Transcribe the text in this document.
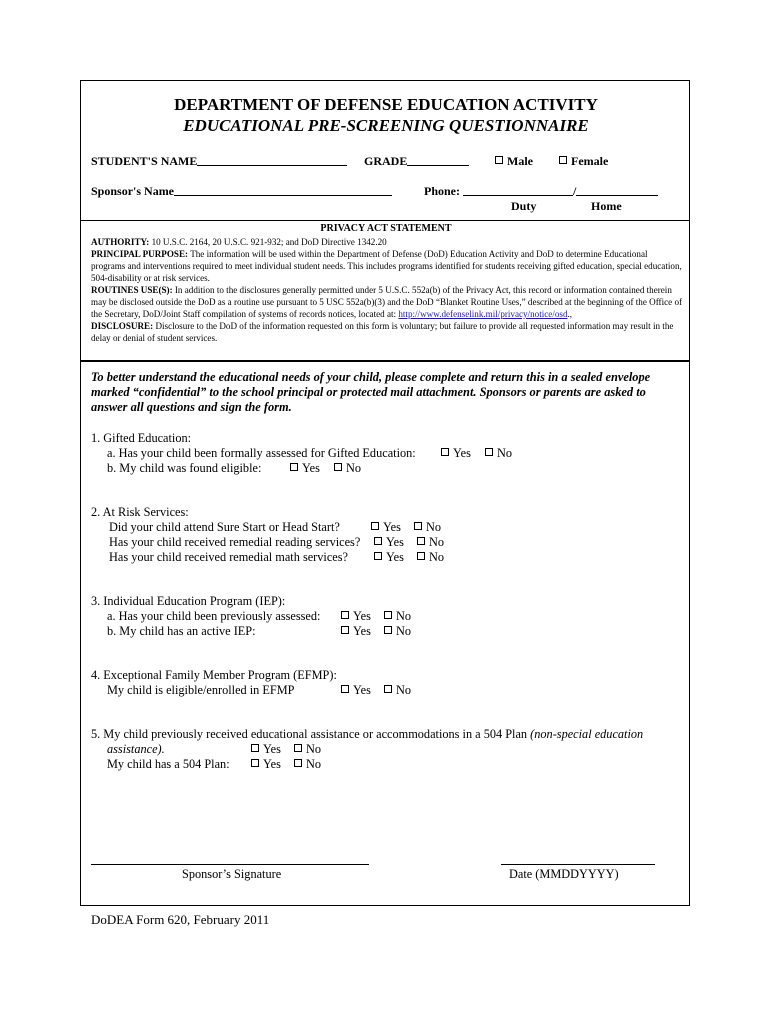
DEPARTMENT OF DEFENSE EDUCATION ACTIVITY
EDUCATIONAL PRE-SCREENING QUESTIONNAIRE
STUDENT'S NAME	GRADE	Male	Female
Sponsor's Name	Phone:	/
Duty	Home
PRIVACY ACT STATEMENT

AUTHORITY: 10 U.S.C. 2164, 20 U.S.C. 921-932; and DoD Directive 1342.20

PRINCIPAL PURPOSE: The information will be used within the Department of Defense (DoD) Education Activity and DoD to determine Educational programs and interventions required to meet individual student needs. This includes programs identified for students receiving gifted education, special education, 504-disability or at risk services.

ROUTINES USE(S): In addition to the disclosures generally permitted under 5 U.S.C. 552a(b) of the Privacy Act, this record or information contained therein may be disclosed outside the DoD as a routine use pursuant to 5 USC 552a(b)(3) and the DoD “Blanket Routine Uses,” described at the beginning of the Office of the Secretary, DoD/Joint Staff compilation of systems of records notices, located at: http://www.defenselink.mil/privacy/notice/osd.,

DISCLOSURE: Disclosure to the DoD of the information requested on this form is voluntary; but failure to provide all requested information may result in the delay or denial of student services.

To better understand the educational needs of your child, please complete and return this in a sealed envelope marked “confidential” to the school principal or protected mail attachment. Sponsors or parents are asked to answer all questions and sign the form.
1. Gifted Education:
a. Has your child been formally assessed for Gifted Education:	Yes	No
b. My child was found eligible:	Yes	No
2. At Risk Services:
Did your child attend Sure Start or Head Start?	Yes	No
Has your child received remedial reading services?	Yes	No
Has your child received remedial math services?	Yes	No
3. Individual Education Program (IEP):
a. Has your child been previously assessed:	Yes	No
b. My child has an active IEP:	Yes	No
4. Exceptional Family Member Program (EFMP):
My child is eligible/enrolled in EFMP	Yes	No
5. My child previously received educational assistance or accommodations in a 504 Plan (non-special education
assistance).	Yes	No
My child has a 504 Plan:	Yes	No
Sponsor’s Signature	Date (MMDDYYYY)
DoDEA Form 620, February 2011
